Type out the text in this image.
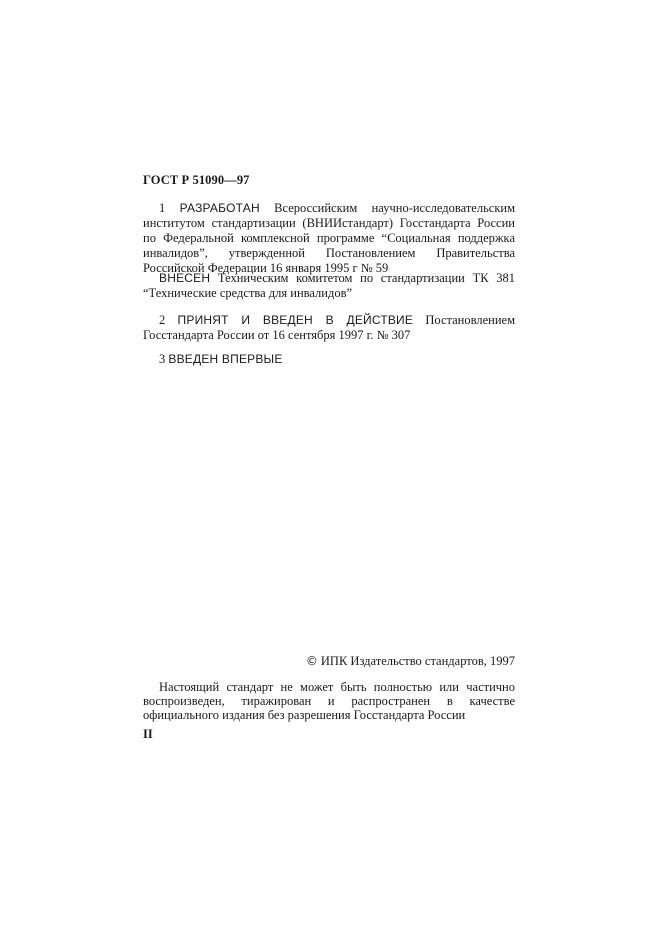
ГОСТ Р 51090—97

1 РАЗРАБОТАН Всероссийским научно-исследовательским институтом стандартизации (ВНИИстандарт) Госстандарта России по Федеральной комплексной программе “Социальная поддержка инвалидов”, утвержденной Постановлением Правительства Российской Федерации 16 января 1995 г № 59

ВНЕСЕН Техническим комитетом по стандартизации ТК 381 “Технические средства для инвалидов”

2 ПРИНЯТ И ВВЕДЕН В ДЕЙСТВИЕ Постановлением Госстандарта России от 16 сентября 1997 г. № 307

3 ВВЕДЕН ВПЕРВЫЕ

© ИПК Издательство стандартов, 1997

Настоящий стандарт не может быть полностью или частично воспроизведен, тиражирован и распространен в качестве официального издания без разрешения Госстандарта России

II
